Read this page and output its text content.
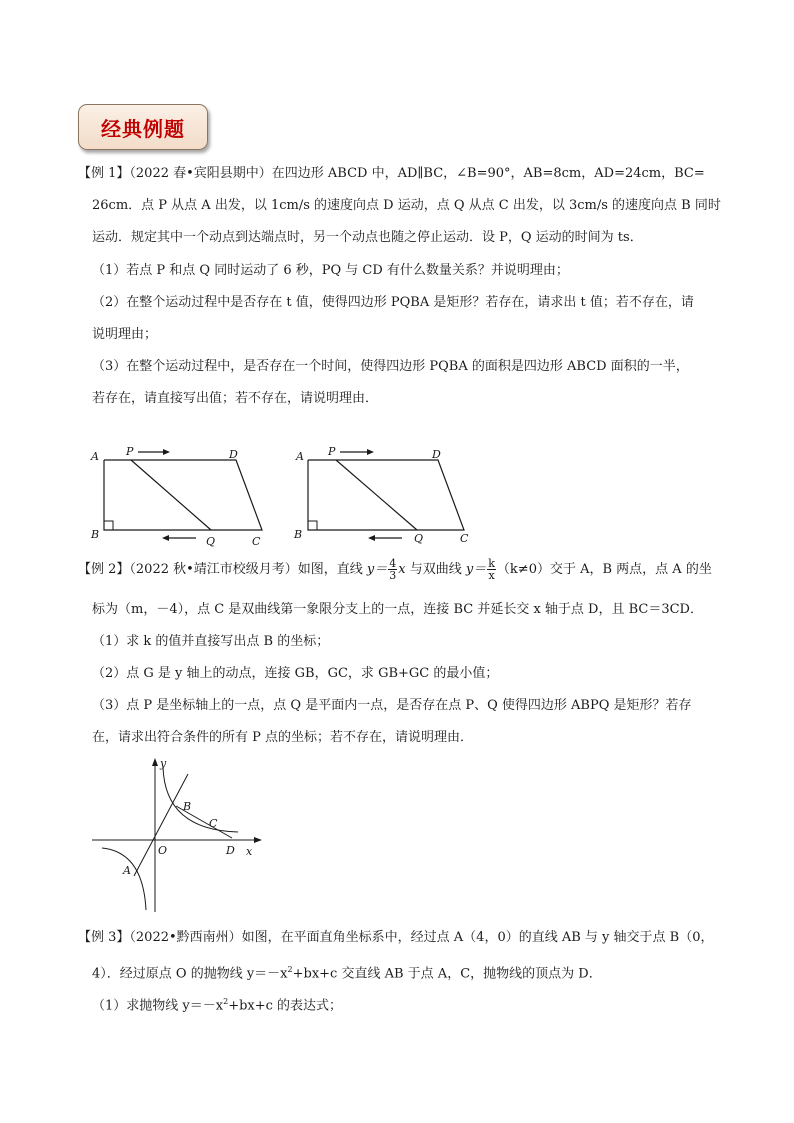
经典例题
【例 1】（2022 春•宾阳县期中）在四边形 ABCD 中，AD∥BC，∠B=90°，AB=8cm，AD=24cm，BC=
26cm．点 P 从点 A 出发，以 1cm/s 的速度向点 D 运动，点 Q 从点 C 出发，以 3cm/s 的速度向点 B 同时
运动．规定其中一个动点到达端点时，另一个动点也随之停止运动．设 P，Q 运动的时间为 ts．
（1）若点 P 和点 Q 同时运动了 6 秒，PQ 与 CD 有什么数量关系？并说明理由；
（2）在整个运动过程中是否存在 t 值，使得四边形 PQBA 是矩形？若存在，请求出 t 值；若不存在，请
说明理由；
（3）在整个运动过程中，是否存在一个时间，使得四边形 PQBA 的面积是四边形 ABCD 面积的一半，
若存在，请直接写出值；若不存在，请说明理由．
A P	D
B
Q	C
A P	D
B	Q	C
【例 2】（2022 秋•靖江市校级月考）如图，直线 $y= \frac{4}{3}$ x 与双曲线 $y= \frac{k}{x} (k\ne 0)$交于 A，B 两点，点 A 的坐
标为（m，－4），点 C 是双曲线第一象限分支上的一点，连接 BC 并延长交 x 轴于点 D，且 BC＝3CD．
（1）求 k 的值并直接写出点 B 的坐标；
（2）点 G 是 y 轴上的动点，连接 GB，GC，求 GB+GC 的最小值；
（3）点 P 是坐标轴上的一点，点 Q 是平面内一点，是否存在点 P、Q 使得四边形 ABPQ 是矩形？若存
在，请求出符合条件的所有 P 点的坐标；若不存在，请说明理由．
y
x
O
A
B
C
D
【例 3】（2022•黔西南州）如图，在平面直角坐标系中，经过点 A（4，0）的直线 AB 与 y 轴交于点 B（0，
4）．经过原点 O 的抛物线 $y=-x^2+bx+c$ 交直线 AB 于点 A，C，抛物线的顶点为 D．
（1）求抛物线 $y=-x^2+bx+c$ 的表达式；
